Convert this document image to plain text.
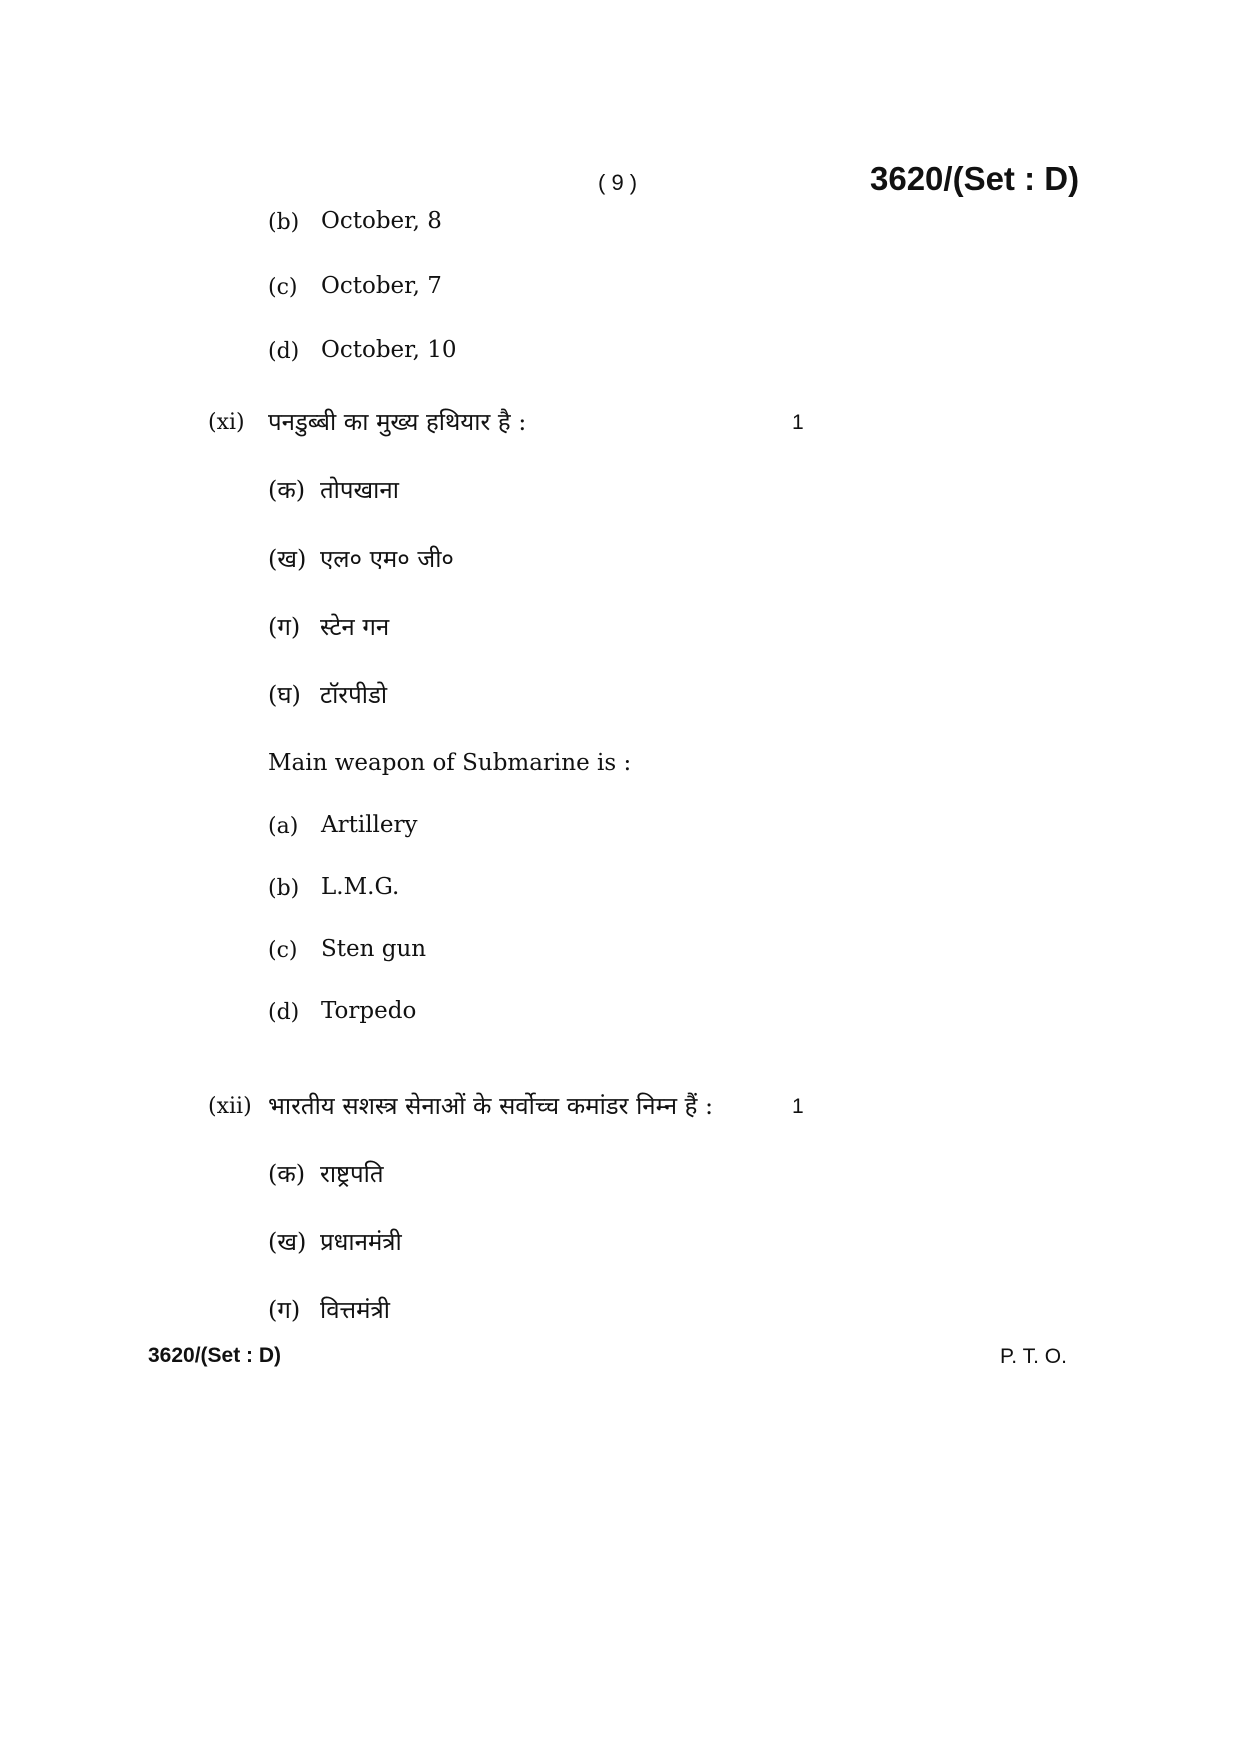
( 9 )	3620/(Set : D)
(b) October, 8
(c) October, 7
(d) October, 10
(xi) पनडुब्बी का मुख्य हथियार है :	1
(क) तोपखाना
(ख) एल० एम० जी०
(ग) स्टेन गन
(घ) टॉरपीडो
Main weapon of Submarine is :
(a) Artillery
(b) L.M.G.
(c) Sten gun
(d) Torpedo
(xii) भारतीय सशस्त्र सेनाओं के सर्वोच्च कमांडर निम्न हैं :	1
(क) राष्ट्रपति
(ख) प्रधानमंत्री
(ग) वित्तमंत्री
3620/(Set : D)	P. T. O.
